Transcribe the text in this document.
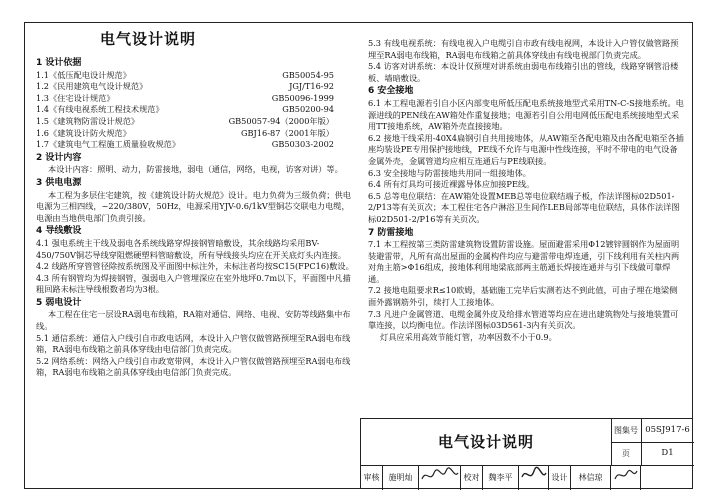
电气设计说明
1 设计依据
1.1《低压配电设计规范》	GB50054-95
1.2《民用建筑电气设计规范》	JGJ/T16-92
1.3《住宅设计规范》	GB50096-1999
1.4《有线电视系统工程技术规范》	GB50200-94
1.5《建筑物防雷设计规范》	GB50057-94（2000年版）
1.6《建筑设计防火规范》	GBJ16-87（2001年版）
1.7《建筑电气工程施工质量验收规范》	GB50303-2002
2 设计内容

本设计内容：照明、动力，防雷接地，弱电（通信，网络，电视，访客对讲）等。

3 供电电源

本工程为多层住宅建筑，按《建筑设计防火规范》设计。电力负荷为三级负荷；供电电源为三相四线，~220/380V，50Hz，电源采用YJV-0.6/1kV型铜芯交联电力电缆，电源由当地供电部门负责引接。

4 导线敷设

4.1 强电系统主干线及弱电各系统线路穿焊接钢管暗敷设，其余线路均采用BV-450/750V铜芯导线穿阻燃硬塑料管暗敷设，所有导线接头均应在开关底灯头内连接。

4.2 线路所穿管管径除按系统图及平面图中标注外，未标注者均按SC15(FPC16)敷设。

4.3 所有钢管均为焊接钢管，强弱电入户管埋深应在室外地坪0.7m以下，平面图中凡描粗回路未标注导线根数者均为3根。

5 弱电设计

本工程在住宅一层设RA弱电布线箱，RA箱对通信、网络、电视、安防等线路集中布线。

5.1 通信系统：通信入户线引自市政电话网，本设计入户管仅做管路预埋至RA弱电布线箱，RA弱电布线箱之前具体穿线由电信部门负责完成。

5.2 网络系统：网络入户线引自市政宽带网，本设计入户管仅做管路预埋至RA弱电布线箱，RA弱电布线箱之前具体穿线由电信部门负责完成。

5.3 有线电视系统：有线电视入户电缆引自市政有线电视网，本设计入户管仅做管路预埋至RA弱电布线箱，RA弱电布线箱之前具体穿线由有线电视部门负责完成。

5.4 访客对讲系统：本设计仅预埋对讲系统由弱电布线箱引出的管线，线路穿钢管沿楼板、墙暗敷设。

6 安全接地

6.1 本工程电源若引自小区内部变电所低压配电系统接地型式采用TN-C-S接地系统。电源进线的PEN线在AW箱处作重复接地；电源若引自公用电网低压配电系统接地型式采用TT接地系统，AW箱外壳直接接地。

6.2 接地干线采用-40X4扁钢引自共用接地体，从AW箱至各配电箱及由各配电箱至各插座均装设PE专用保护接地线，PE线不允许与电源中性线连接，平时不带电的电气设备金属外壳，金属管道均应相互连通后与PE线联接。

6.3 安全接地与防雷接地共用同一组接地体。

6.4 所有灯具均可接近裸露导体应加接PE线。

6.5 总等电位联结：在AW箱处设置MEB总等电位联结端子板，作法详图标02D501-2/P13等有关页次；本工程住宅各户淋浴卫生间作LEB局部等电位联结，具体作法详图标02D501-2/P16等有关页次。

7 防雷接地

7.1 本工程按第三类防雷建筑物设置防雷设施。屋面避雷采用Φ12镀锌圆钢作为屋面明装避雷带，凡所有高出屋面的金属构件均应与避雷带电焊连通，引下线利用有关柱内两对角主筋>Φ16组成，接地体利用地梁底部两主筋通长焊接连通并与引下线做可靠焊通。

7.2 接地电阻要求R≤10欧姆，基础施工完毕后实测若达不到此值，可由子埋在地梁侧面外露钢筋外引，续打人工接地体。

7.3 凡进户金属管道、电缆金属外皮及给排水管道等均应在进出建筑物处与接地装置可靠连接，以均衡电位。作法详图标03D561-3内有关页次。

灯具应采用高效节能灯管，功率因数不小于0.9。

电气设计说明
图集号 05SJ917-6
页	D1
审核	施明灿	校对	魏李平	设计	林信琼
